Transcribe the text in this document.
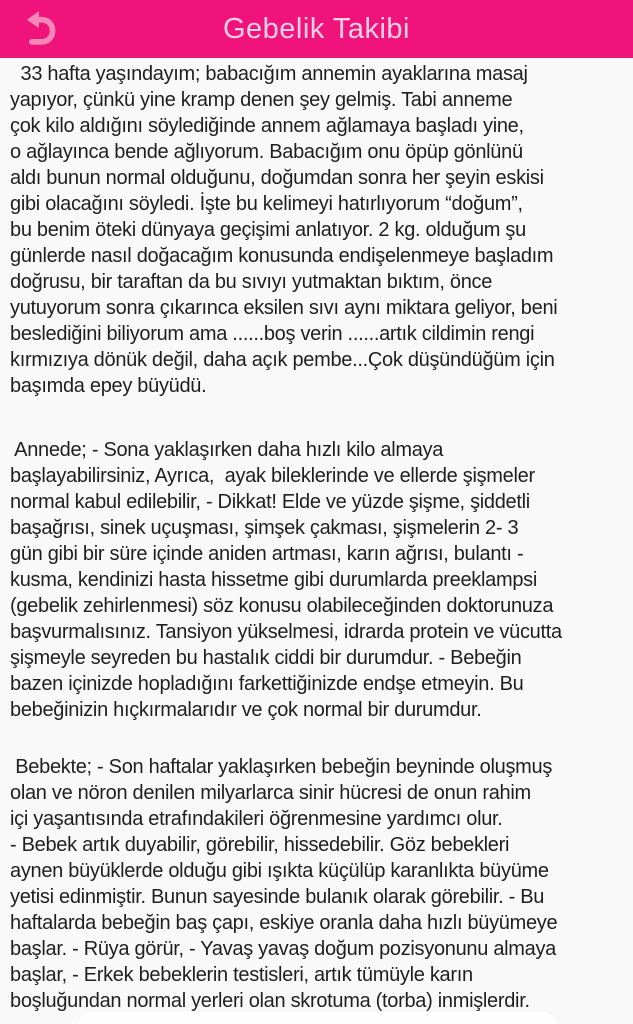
Gebelik Takibi
33 hafta yaşındayım; babacığım annemin ayaklarına masaj
yapıyor, çünkü yine kramp denen şey gelmiş. Tabi anneme
çok kilo aldığını söylediğinde annem ağlamaya başladı yine,
o ağlayınca bende ağlıyorum. Babacığım onu öpüp gönlünü
aldı bunun normal olduğunu, doğumdan sonra her şeyin eskisi
gibi olacağını söyledi. İşte bu kelimeyi hatırlıyorum “doğum”,
bu benim öteki dünyaya geçişimi anlatıyor. 2 kg. olduğum şu
günlerde nasıl doğacağım konusunda endişelenmeye başladım
doğrusu, bir taraftan da bu sıvıyı yutmaktan bıktım, önce
yutuyorum sonra çıkarınca eksilen sıvı aynı miktara geliyor, beni
beslediğini biliyorum ama ......boş verin ......artık cildimin rengi
kırmızıya dönük değil, daha açık pembe...Çok düşündüğüm için
başımda epey büyüdü.
Annede; - Sona yaklaşırken daha hızlı kilo almaya
başlayabilirsiniz, Ayrıca,  ayak bileklerinde ve ellerde şişmeler
normal kabul edilebilir, - Dikkat! Elde ve yüzde şişme, şiddetli
başağrısı, sinek uçuşması, şimşek çakması, şişmelerin 2- 3
gün gibi bir süre içinde aniden artması, karın ağrısı, bulantı -
kusma, kendinizi hasta hissetme gibi durumlarda preeklampsi
(gebelik zehirlenmesi) söz konusu olabileceğinden doktorunuza
başvurmalısınız. Tansiyon yükselmesi, idrarda protein ve vücutta
şişmeyle seyreden bu hastalık ciddi bir durumdur. - Bebeğin
bazen içinizde hopladığını farkettiğinizde endşe etmeyin. Bu
bebeğinizin hıçkırmalarıdır ve çok normal bir durumdur.
Bebekte; - Son haftalar yaklaşırken bebeğin beyninde oluşmuş
olan ve nöron denilen milyarlarca sinir hücresi de onun rahim
içi yaşantısında etrafındakileri öğrenmesine yardımcı olur.
- Bebek artık duyabilir, görebilir, hissedebilir. Göz bebekleri
aynen büyüklerde olduğu gibi ışıkta küçülüp karanlıkta büyüme
yetisi edinmiştir. Bunun sayesinde bulanık olarak görebilir. - Bu
haftalarda bebeğin baş çapı, eskiye oranla daha hızlı büyümeye
başlar. - Rüya görür, - Yavaş yavaş doğum pozisyonunu almaya
başlar, - Erkek bebeklerin testisleri, artık tümüyle karın
boşluğundan normal yerleri olan skrotuma (torba) inmişlerdir.
